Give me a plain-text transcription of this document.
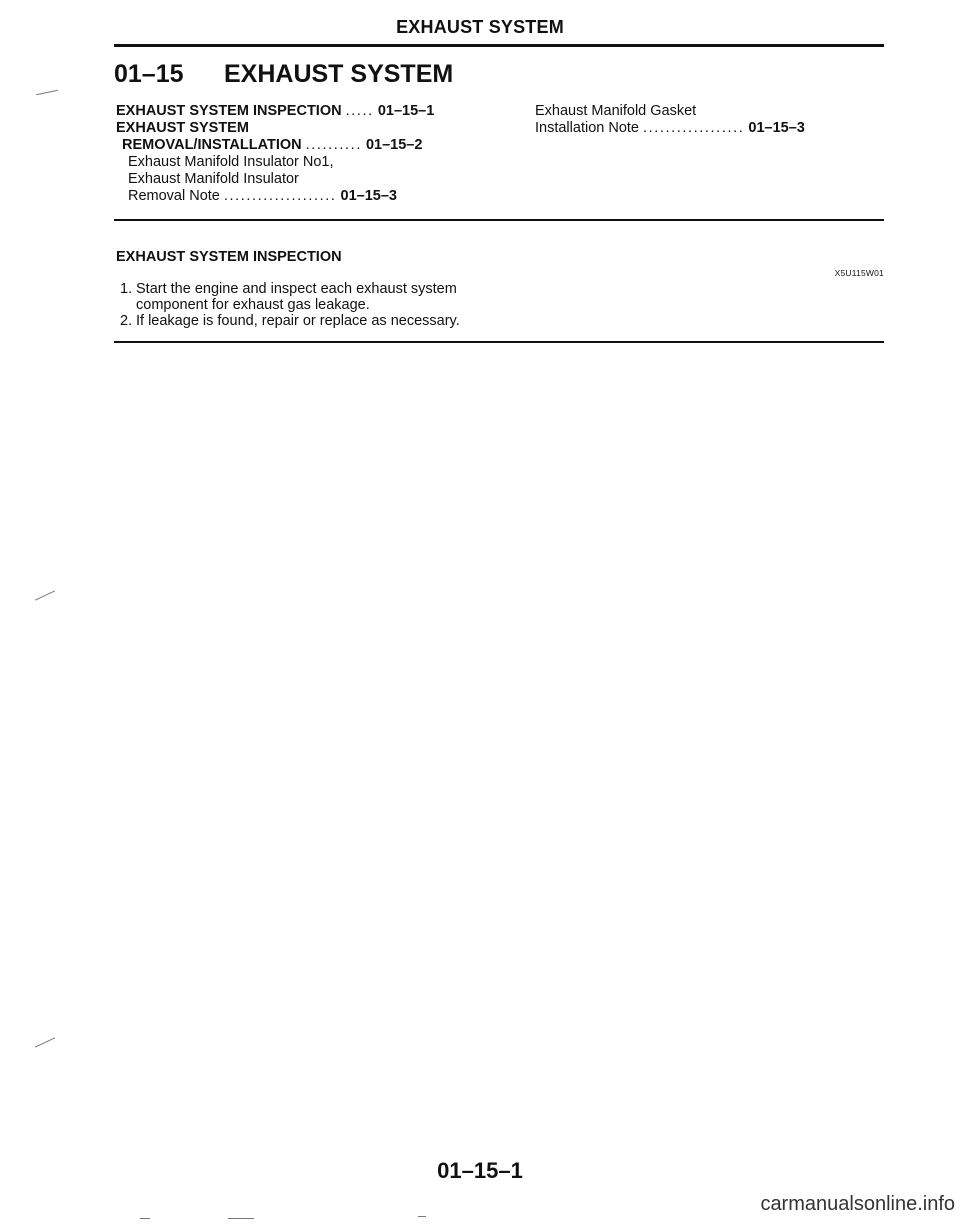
EXHAUST SYSTEM
01–15 EXHAUST SYSTEM
EXHAUST SYSTEM INSPECTION ..... 01–15–1
EXHAUST SYSTEM
REMOVAL/INSTALLATION .......... 01–15–2
Exhaust Manifold Insulator No1,
Exhaust Manifold Insulator
Removal Note .................... 01–15–3
Exhaust Manifold Gasket
Installation Note .................. 01–15–3
EXHAUST SYSTEM INSPECTION
X5U115W01
1. Start the engine and inspect each exhaust system component for exhaust gas leakage.
2. If leakage is found, repair or replace as necessary.
01–15–1
carmanualsonline.info
